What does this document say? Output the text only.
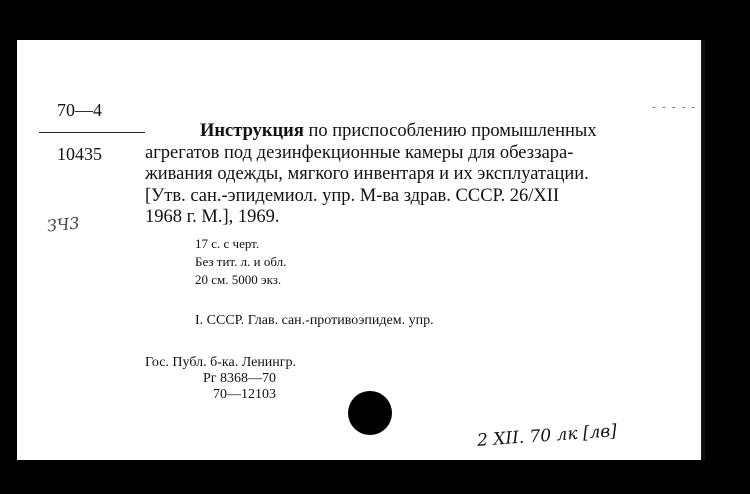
- - - - -
70—4
10435
ЗЧ3
Инструкция по приспособлению промышленных
агрегатов под дезинфекционные камеры для обеззара-
живания одежды, мягкого инвентаря и их эксплуатации.
[Утв. сан.-эпидемиол. упр. М-ва здрав. СССР. 26/XII
1968 г. М.], 1969.
17 с. с черт.
Без тит. л. и обл.
20 см. 5000 экз.
I. СССР. Глав. сан.-противоэпидем. упр.
Гос. Публ. б-ка. Ленингр.
Рг 8368—70
70—12103
2 XII. 70 лк [лв]
